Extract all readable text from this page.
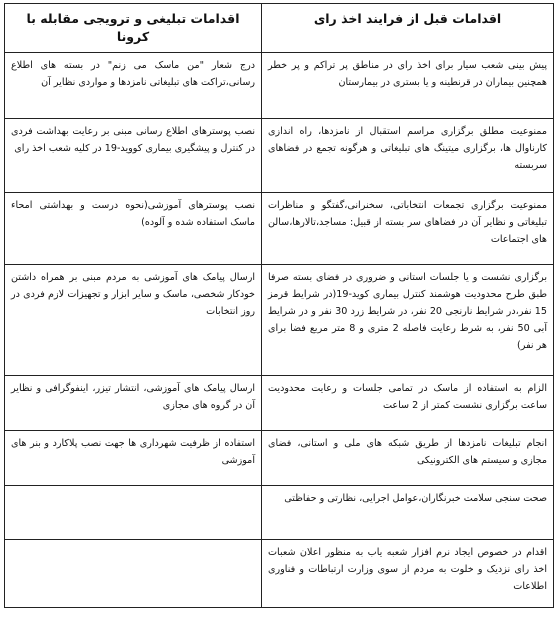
اقدامات قبل از فرایند اخذ رای	اقدامات تبلیغی و ترویجی مقابله با کرونا
پیش بینی شعب سیار برای اخذ رای در مناطق پر تراکم و پر خطر همچنین بیماران در قرنطینه و یا بستری در بیمارستان	درج شعار "من ماسک می زنم" در بسته های اطلاع رسانی،تراکت های تبلیغاتی نامزدها و مواردی نظایر آن
ممنوعیت مطلق برگزاری مراسم استقبال از نامزدها، راه اندازی کارناوال ها، برگزاری میتینگ های تبلیغاتی و هرگونه تجمع در فضاهای سربسته	نصب پوسترهای اطلاع رسانی مبنی بر رعایت بهداشت فردی در کنترل و پیشگیری بیماری کووید-19 در کلیه شعب اخذ رای
ممنوعیت برگزاری تجمعات انتخاباتی، سخنرانی،گفتگو و مناظرات تبلیغاتی و نظایر آن در فضاهای سر بسته از قبیل: مساجد،تالارها،سالن های اجتماعات	نصب پوسترهای آموزشی(نحوه درست و بهداشتی امحاء ماسک استفاده شده و آلوده)
برگزاری نشست و یا جلسات استانی و ضروری در فضای بسته صرفا طبق طرح محدودیت هوشمند کنترل بیماری کوید-19(در شرایط قرمز 15 نفر،در شرایط نارنجی 20 نفر، در شرایط زرد 30 نفر و در شرایط آبی 50 نفر، به شرط رعایت فاصله 2 متری و 8 متر مربع فضا برای هر نفر)	ارسال پیامک های آموزشی به مردم مبنی بر همراه داشتن خودکار شخصی، ماسک و سایر ابزار و تجهیزات لازم فردی در روز انتخابات
الزام به استفاده از ماسک در تمامی جلسات و رعایت محدودیت ساعت برگزاری نشست کمتر از 2 ساعت	ارسال پیامک های آموزشی، انتشار تیزر، اینفوگرافی و نظایر آن در گروه های مجازی
انجام تبلیغات نامزدها از طریق شبکه های ملی و استانی، فضای مجازی و سیستم های الکترونیکی	استفاده از ظرفیت شهرداری ها جهت نصب پلاکارد و بنر های آموزشی
صحت سنجی سلامت خبرنگاران،عوامل اجرایی، نظارتی و حفاظتی	
اقدام در خصوص ایجاد نرم افزار شعبه یاب به منظور اعلان شعبات اخذ رای نزدیک و خلوت به مردم از سوی وزارت ارتباطات و فناوری اطلاعات	
